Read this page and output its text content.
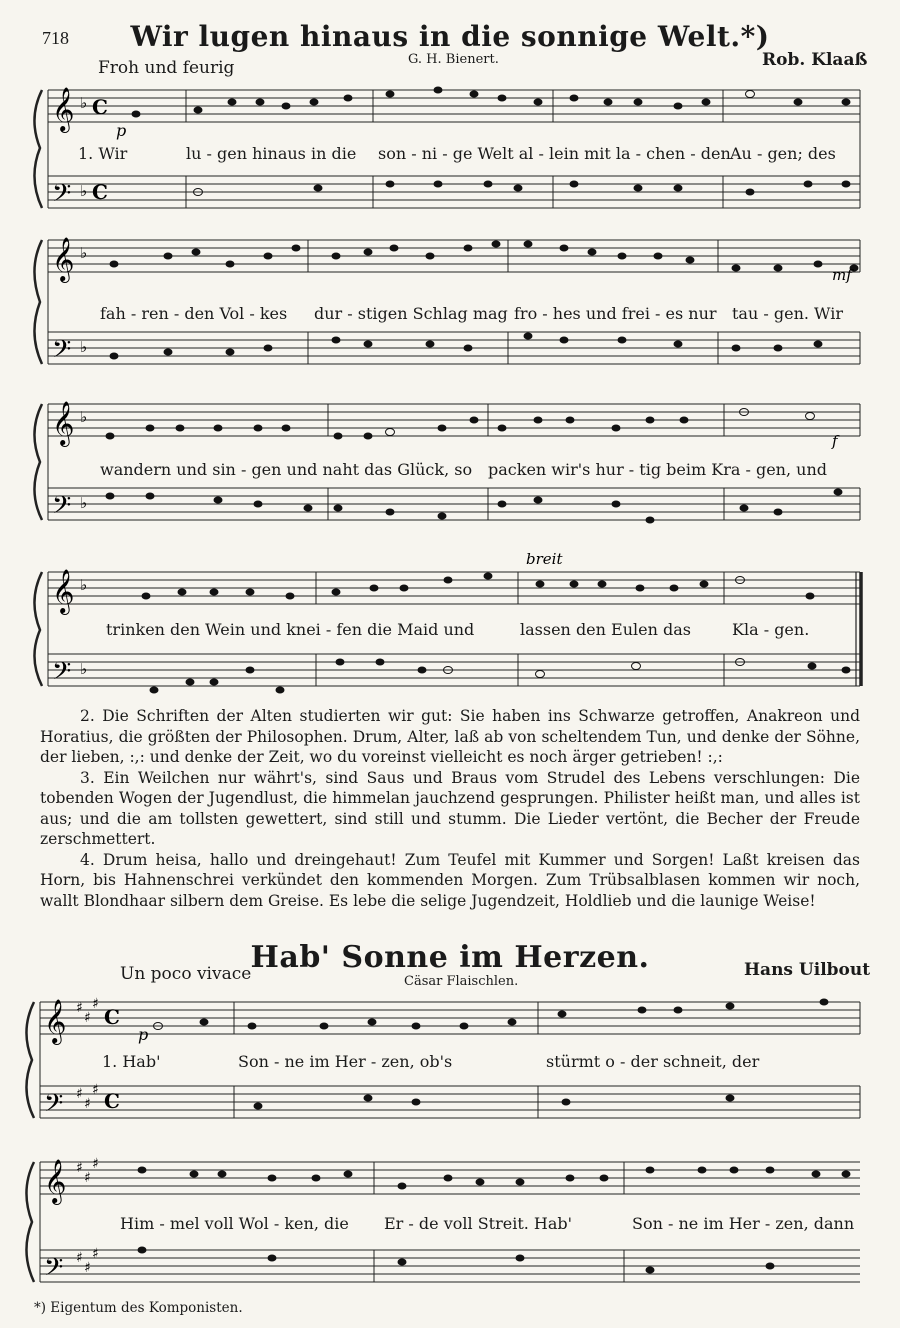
718	Wir lugen hinaus in die sonnige Welt.*)
Froh und feurig	G. H. Bienert.	Rob. Klaaß
𝄞
𝄢
♭
♭
C
C
p
1. Wir	lu - gen hinaus in die son - ni - ge Welt al - lein mit la - chen - den Au - gen; des
𝄞
𝄢
♭
♭
mf
fah - ren - den Vol - kes dur - stigen Schlag mag fro - hes und frei - es nur tau - gen. Wir
𝄞
𝄢
♭
♭
f
wandern und sin - gen und naht das Glück, so packen wir's hur - tig beim Kra - gen, und
𝄞
𝄢
♭
♭
breit
trinken den Wein und knei - fen die Maid und	lassen den Eulen das	Kla - gen.

2. Die Schriften der Alten studierten wir gut: Sie haben ins Schwarze getroffen, Anakreon und Horatius, die größten der Philosophen. Drum, Alter, laß ab von scheltendem Tun, und denke der Söhne, der lieben, :,: und denke der Zeit, wo du voreinst vielleicht es noch ärger getrieben! :,:

3. Ein Weilchen nur währt's, sind Saus und Braus vom Strudel des Lebens verschlungen: Die tobenden Wogen der Jugendlust, die himmelan jauchzend gesprungen. Philister heißt man, und alles ist aus; und die am tollsten gewettert, sind still und stumm. Die Lieder vertönt, die Becher der Freude zerschmettert.

4. Drum heisa, hallo und dreingehaut! Zum Teufel mit Kummer und Sorgen! Laßt kreisen das Horn, bis Hahnenschrei verkündet den kommenden Morgen. Zum Trübsalblasen kommen wir noch, wallt Blondhaar silbern dem Greise. Es lebe die selige Jugendzeit, Holdlieb und die launige Weise!

Hab' Sonne im Herzen.
Un poco vivace	Cäsar Flaischlen.
Hans Uilbout
𝄞
𝄢
♯
♯
♯
♯
♯
♯
C
C
p
1. Hab'	Son - ne im Her - zen, ob's	stürmt o - der schneit, der
𝄞
𝄢
♯
♯
♯
♯
♯
♯
Him - mel voll Wol - ken, die Er - de voll Streit. Hab'	Son - ne im Her - zen, dann
*) Eigentum des Komponisten.
